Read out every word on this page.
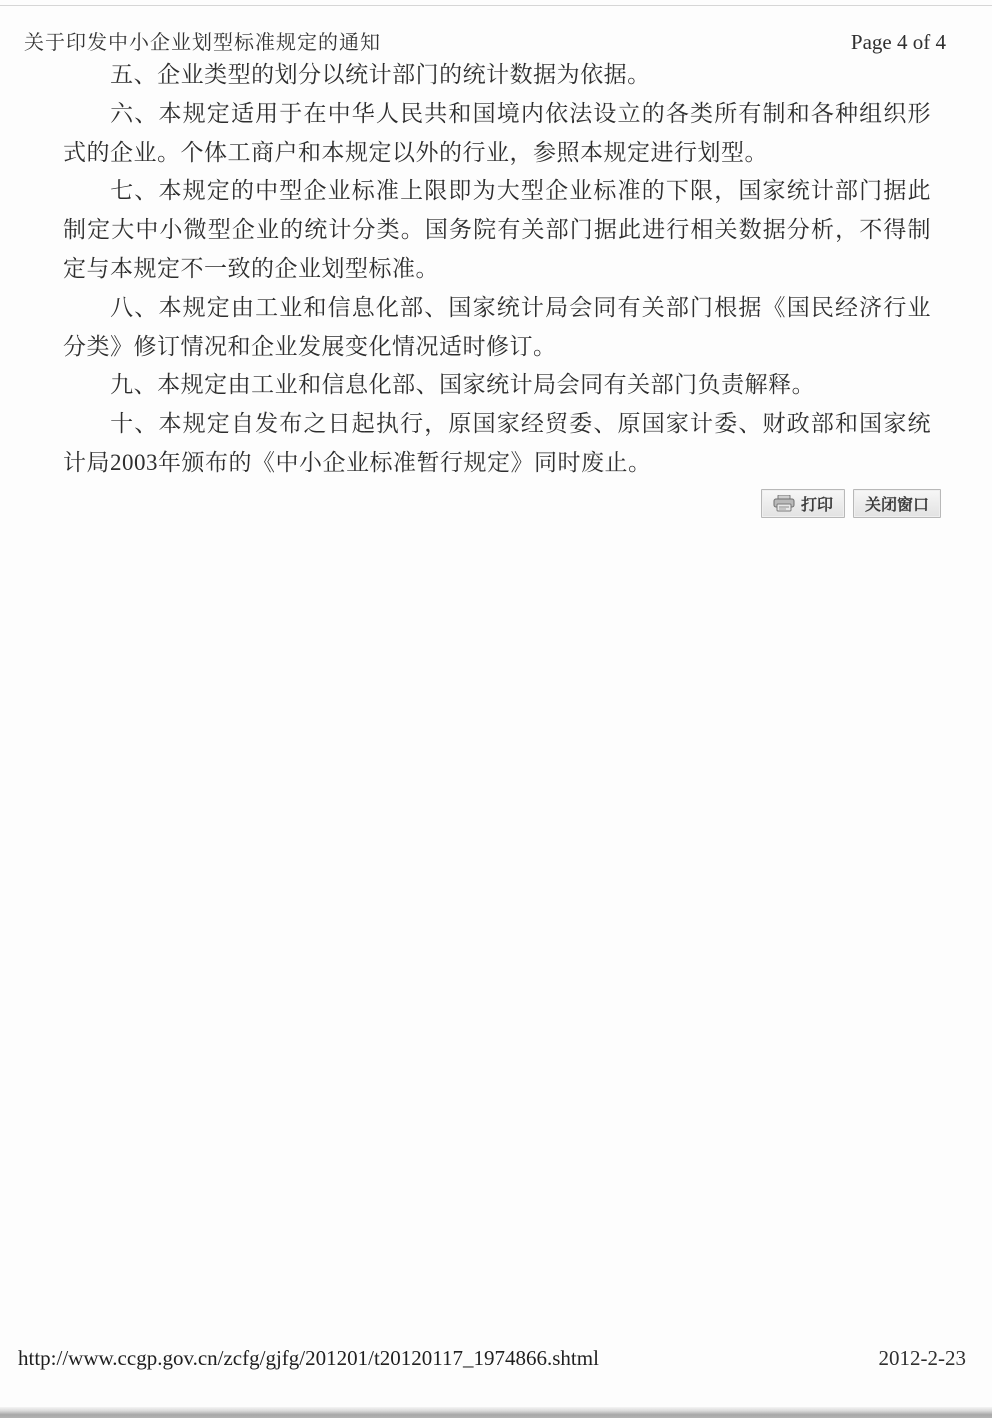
关于印发中小企业划型标准规定的通知	Page 4 of 4

五、企业类型的划分以统计部门的统计数据为依据。

六、本规定适用于在中华人民共和国境内依法设立的各类所有制和各种组织形式的企业。个体工商户和本规定以外的行业，参照本规定进行划型。

七、本规定的中型企业标准上限即为大型企业标准的下限，国家统计部门据此制定大中小微型企业的统计分类。国务院有关部门据此进行相关数据分析，不得制定与本规定不一致的企业划型标准。

八、本规定由工业和信息化部、国家统计局会同有关部门根据《国民经济行业分类》修订情况和企业发展变化情况适时修订。

九、本规定由工业和信息化部、国家统计局会同有关部门负责解释。

十、本规定自发布之日起执行，原国家经贸委、原国家计委、财政部和国家统计局2003年颁布的《中小企业标准暂行规定》同时废止。

打印 关闭窗口
http://www.ccgp.gov.cn/zcfg/gjfg/201201/t20120117_1974866.shtml	2012-2-23
